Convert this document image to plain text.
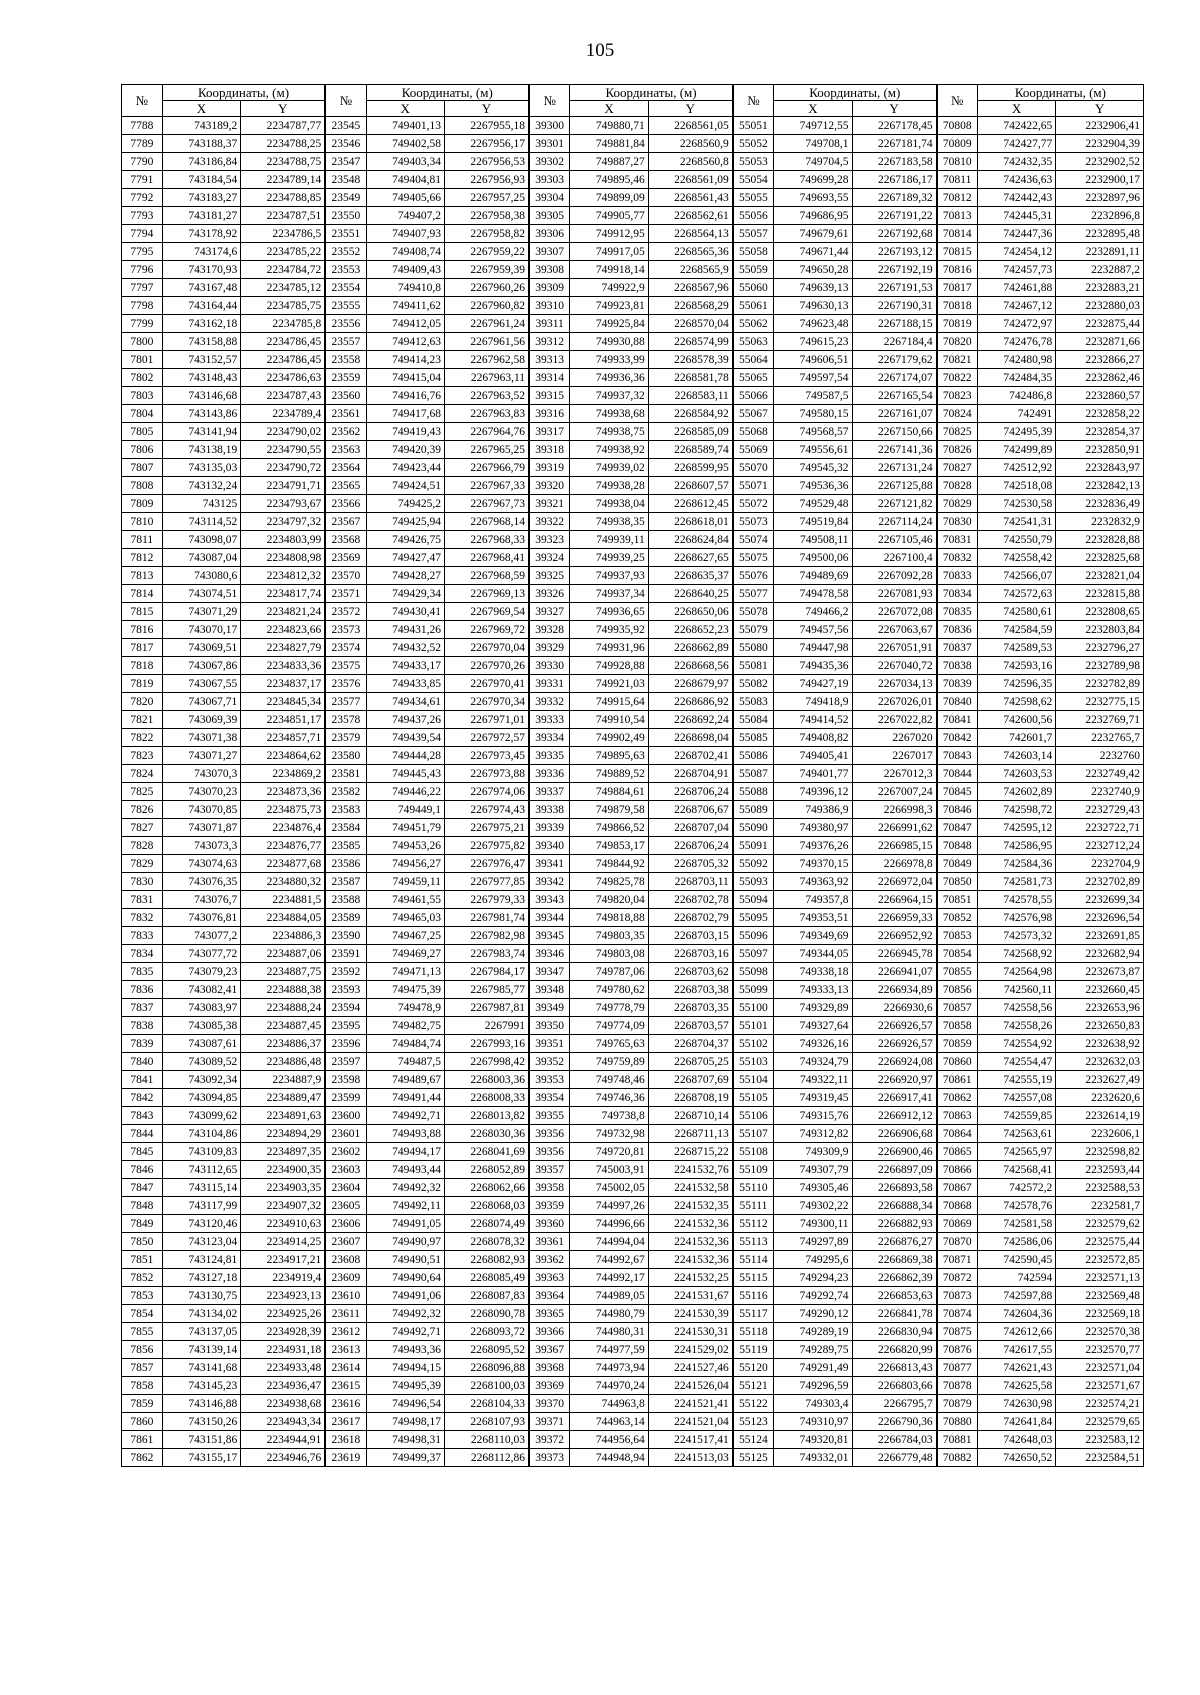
105
№	Координаты, (м)		№	Координаты, (м)		№	Координаты, (м)		№	Координаты, (м)		№	Координаты, (м)	
	X	Y		X	Y		X	Y		X	Y		X	Y
7788	743189,2	2234787,77	23545	749401,13	2267955,18	39300	749880,71	2268561,05	55051	749712,55	2267178,45	70808	742422,65	2232906,41
7789	743188,37	2234788,25	23546	749402,58	2267956,17	39301	749881,84	2268560,9	55052	749708,1	2267181,74	70809	742427,77	2232904,39
7790	743186,84	2234788,75	23547	749403,34	2267956,53	39302	749887,27	2268560,8	55053	749704,5	2267183,58	70810	742432,35	2232902,52
7791	743184,54	2234789,14	23548	749404,81	2267956,93	39303	749895,46	2268561,09	55054	749699,28	2267186,17	70811	742436,63	2232900,17
7792	743183,27	2234788,85	23549	749405,66	2267957,25	39304	749899,09	2268561,43	55055	749693,55	2267189,32	70812	742442,43	2232897,96
7793	743181,27	2234787,51	23550	749407,2	2267958,38	39305	749905,77	2268562,61	55056	749686,95	2267191,22	70813	742445,31	2232896,8
7794	743178,92	2234786,5	23551	749407,93	2267958,82	39306	749912,95	2268564,13	55057	749679,61	2267192,68	70814	742447,36	2232895,48
7795	743174,6	2234785,22	23552	749408,74	2267959,22	39307	749917,05	2268565,36	55058	749671,44	2267193,12	70815	742454,12	2232891,11
7796	743170,93	2234784,72	23553	749409,43	2267959,39	39308	749918,14	2268565,9	55059	749650,28	2267192,19	70816	742457,73	2232887,2
7797	743167,48	2234785,12	23554	749410,8	2267960,26	39309	749922,9	2268567,96	55060	749639,13	2267191,53	70817	742461,88	2232883,21
7798	743164,44	2234785,75	23555	749411,62	2267960,82	39310	749923,81	2268568,29	55061	749630,13	2267190,31	70818	742467,12	2232880,03
7799	743162,18	2234785,8	23556	749412,05	2267961,24	39311	749925,84	2268570,04	55062	749623,48	2267188,15	70819	742472,97	2232875,44
7800	743158,88	2234786,45	23557	749412,63	2267961,56	39312	749930,88	2268574,99	55063	749615,23	2267184,4	70820	742476,78	2232871,66
7801	743152,57	2234786,45	23558	749414,23	2267962,58	39313	749933,99	2268578,39	55064	749606,51	2267179,62	70821	742480,98	2232866,27
7802	743148,43	2234786,63	23559	749415,04	2267963,11	39314	749936,36	2268581,78	55065	749597,54	2267174,07	70822	742484,35	2232862,46
7803	743146,68	2234787,43	23560	749416,76	2267963,52	39315	749937,32	2268583,11	55066	749587,5	2267165,54	70823	742486,8	2232860,57
7804	743143,86	2234789,4	23561	749417,68	2267963,83	39316	749938,68	2268584,92	55067	749580,15	2267161,07	70824	742491	2232858,22
7805	743141,94	2234790,02	23562	749419,43	2267964,76	39317	749938,75	2268585,09	55068	749568,57	2267150,66	70825	742495,39	2232854,37
7806	743138,19	2234790,55	23563	749420,39	2267965,25	39318	749938,92	2268589,74	55069	749556,61	2267141,36	70826	742499,89	2232850,91
7807	743135,03	2234790,72	23564	749423,44	2267966,79	39319	749939,02	2268599,95	55070	749545,32	2267131,24	70827	742512,92	2232843,97
7808	743132,24	2234791,71	23565	749424,51	2267967,33	39320	749938,28	2268607,57	55071	749536,36	2267125,88	70828	742518,08	2232842,13
7809	743125	2234793,67	23566	749425,2	2267967,73	39321	749938,04	2268612,45	55072	749529,48	2267121,82	70829	742530,58	2232836,49
7810	743114,52	2234797,32	23567	749425,94	2267968,14	39322	749938,35	2268618,01	55073	749519,84	2267114,24	70830	742541,31	2232832,9
7811	743098,07	2234803,99	23568	749426,75	2267968,33	39323	749939,11	2268624,84	55074	749508,11	2267105,46	70831	742550,79	2232828,88
7812	743087,04	2234808,98	23569	749427,47	2267968,41	39324	749939,25	2268627,65	55075	749500,06	2267100,4	70832	742558,42	2232825,68
7813	743080,6	2234812,32	23570	749428,27	2267968,59	39325	749937,93	2268635,37	55076	749489,69	2267092,28	70833	742566,07	2232821,04
7814	743074,51	2234817,74	23571	749429,34	2267969,13	39326	749937,34	2268640,25	55077	749478,58	2267081,93	70834	742572,63	2232815,88
7815	743071,29	2234821,24	23572	749430,41	2267969,54	39327	749936,65	2268650,06	55078	749466,2	2267072,08	70835	742580,61	2232808,65
7816	743070,17	2234823,66	23573	749431,26	2267969,72	39328	749935,92	2268652,23	55079	749457,56	2267063,67	70836	742584,59	2232803,84
7817	743069,51	2234827,79	23574	749432,52	2267970,04	39329	749931,96	2268662,89	55080	749447,98	2267051,91	70837	742589,53	2232796,27
7818	743067,86	2234833,36	23575	749433,17	2267970,26	39330	749928,88	2268668,56	55081	749435,36	2267040,72	70838	742593,16	2232789,98
7819	743067,55	2234837,17	23576	749433,85	2267970,41	39331	749921,03	2268679,97	55082	749427,19	2267034,13	70839	742596,35	2232782,89
7820	743067,71	2234845,34	23577	749434,61	2267970,34	39332	749915,64	2268686,92	55083	749418,9	2267026,01	70840	742598,62	2232775,15
7821	743069,39	2234851,17	23578	749437,26	2267971,01	39333	749910,54	2268692,24	55084	749414,52	2267022,82	70841	742600,56	2232769,71
7822	743071,38	2234857,71	23579	749439,54	2267972,57	39334	749902,49	2268698,04	55085	749408,82	2267020	70842	742601,7	2232765,7
7823	743071,27	2234864,62	23580	749444,28	2267973,45	39335	749895,63	2268702,41	55086	749405,41	2267017	70843	742603,14	2232760
7824	743070,3	2234869,2	23581	749445,43	2267973,88	39336	749889,52	2268704,91	55087	749401,77	2267012,3	70844	742603,53	2232749,42
7825	743070,23	2234873,36	23582	749446,22	2267974,06	39337	749884,61	2268706,24	55088	749396,12	2267007,24	70845	742602,89	2232740,9
7826	743070,85	2234875,73	23583	749449,1	2267974,43	39338	749879,58	2268706,67	55089	749386,9	2266998,3	70846	742598,72	2232729,43
7827	743071,87	2234876,4	23584	749451,79	2267975,21	39339	749866,52	2268707,04	55090	749380,97	2266991,62	70847	742595,12	2232722,71
7828	743073,3	2234876,77	23585	749453,26	2267975,82	39340	749853,17	2268706,24	55091	749376,26	2266985,15	70848	742586,95	2232712,24
7829	743074,63	2234877,68	23586	749456,27	2267976,47	39341	749844,92	2268705,32	55092	749370,15	2266978,8	70849	742584,36	2232704,9
7830	743076,35	2234880,32	23587	749459,11	2267977,85	39342	749825,78	2268703,11	55093	749363,92	2266972,04	70850	742581,73	2232702,89
7831	743076,7	2234881,5	23588	749461,55	2267979,33	39343	749820,04	2268702,78	55094	749357,8	2266964,15	70851	742578,55	2232699,34
7832	743076,81	2234884,05	23589	749465,03	2267981,74	39344	749818,88	2268702,79	55095	749353,51	2266959,33	70852	742576,98	2232696,54
7833	743077,2	2234886,3	23590	749467,25	2267982,98	39345	749803,35	2268703,15	55096	749349,69	2266952,92	70853	742573,32	2232691,85
7834	743077,72	2234887,06	23591	749469,27	2267983,74	39346	749803,08	2268703,16	55097	749344,05	2266945,78	70854	742568,92	2232682,94
7835	743079,23	2234887,75	23592	749471,13	2267984,17	39347	749787,06	2268703,62	55098	749338,18	2266941,07	70855	742564,98	2232673,87
7836	743082,41	2234888,38	23593	749475,39	2267985,77	39348	749780,62	2268703,38	55099	749333,13	2266934,89	70856	742560,11	2232660,45
7837	743083,97	2234888,24	23594	749478,9	2267987,81	39349	749778,79	2268703,35	55100	749329,89	2266930,6	70857	742558,56	2232653,96
7838	743085,38	2234887,45	23595	749482,75	2267991	39350	749774,09	2268703,57	55101	749327,64	2266926,57	70858	742558,26	2232650,83
7839	743087,61	2234886,37	23596	749484,74	2267993,16	39351	749765,63	2268704,37	55102	749326,16	2266926,57	70859	742554,92	2232638,92
7840	743089,52	2234886,48	23597	749487,5	2267998,42	39352	749759,89	2268705,25	55103	749324,79	2266924,08	70860	742554,47	2232632,03
7841	743092,34	2234887,9	23598	749489,67	2268003,36	39353	749748,46	2268707,69	55104	749322,11	2266920,97	70861	742555,19	2232627,49
7842	743094,85	2234889,47	23599	749491,44	2268008,33	39354	749746,36	2268708,19	55105	749319,45	2266917,41	70862	742557,08	2232620,6
7843	743099,62	2234891,63	23600	749492,71	2268013,82	39355	749738,8	2268710,14	55106	749315,76	2266912,12	70863	742559,85	2232614,19
7844	743104,86	2234894,29	23601	749493,88	2268030,36	39356	749732,98	2268711,13	55107	749312,82	2266906,68	70864	742563,61	2232606,1
7845	743109,83	2234897,35	23602	749494,17	2268041,69	39356	749720,81	2268715,22	55108	749309,9	2266900,46	70865	742565,97	2232598,82
7846	743112,65	2234900,35	23603	749493,44	2268052,89	39357	745003,91	2241532,76	55109	749307,79	2266897,09	70866	742568,41	2232593,44
7847	743115,14	2234903,35	23604	749492,32	2268062,66	39358	745002,05	2241532,58	55110	749305,46	2266893,58	70867	742572,2	2232588,53
7848	743117,99	2234907,32	23605	749492,11	2268068,03	39359	744997,26	2241532,35	55111	749302,22	2266888,34	70868	742578,76	2232581,7
7849	743120,46	2234910,63	23606	749491,05	2268074,49	39360	744996,66	2241532,36	55112	749300,11	2266882,93	70869	742581,58	2232579,62
7850	743123,04	2234914,25	23607	749490,97	2268078,32	39361	744994,04	2241532,36	55113	749297,89	2266876,27	70870	742586,06	2232575,44
7851	743124,81	2234917,21	23608	749490,51	2268082,93	39362	744992,67	2241532,36	55114	749295,6	2266869,38	70871	742590,45	2232572,85
7852	743127,18	2234919,4	23609	749490,64	2268085,49	39363	744992,17	2241532,25	55115	749294,23	2266862,39	70872	742594	2232571,13
7853	743130,75	2234923,13	23610	749491,06	2268087,83	39364	744989,05	2241531,67	55116	749292,74	2266853,63	70873	742597,88	2232569,48
7854	743134,02	2234925,26	23611	749492,32	2268090,78	39365	744980,79	2241530,39	55117	749290,12	2266841,78	70874	742604,36	2232569,18
7855	743137,05	2234928,39	23612	749492,71	2268093,72	39366	744980,31	2241530,31	55118	749289,19	2266830,94	70875	742612,66	2232570,38
7856	743139,14	2234931,18	23613	749493,36	2268095,52	39367	744977,59	2241529,02	55119	749289,75	2266820,99	70876	742617,55	2232570,77
7857	743141,68	2234933,48	23614	749494,15	2268096,88	39368	744973,94	2241527,46	55120	749291,49	2266813,43	70877	742621,43	2232571,04
7858	743145,23	2234936,47	23615	749495,39	2268100,03	39369	744970,24	2241526,04	55121	749296,59	2266803,66	70878	742625,58	2232571,67
7859	743146,88	2234938,68	23616	749496,54	2268104,33	39370	744963,8	2241521,41	55122	749303,4	2266795,7	70879	742630,98	2232574,21
7860	743150,26	2234943,34	23617	749498,17	2268107,93	39371	744963,14	2241521,04	55123	749310,97	2266790,36	70880	742641,84	2232579,65
7861	743151,86	2234944,91	23618	749498,31	2268110,03	39372	744956,64	2241517,41	55124	749320,81	2266784,03	70881	742648,03	2232583,12
7862	743155,17	2234946,76	23619	749499,37	2268112,86	39373	744948,94	2241513,03	55125	749332,01	2266779,48	70882	742650,52	2232584,51
